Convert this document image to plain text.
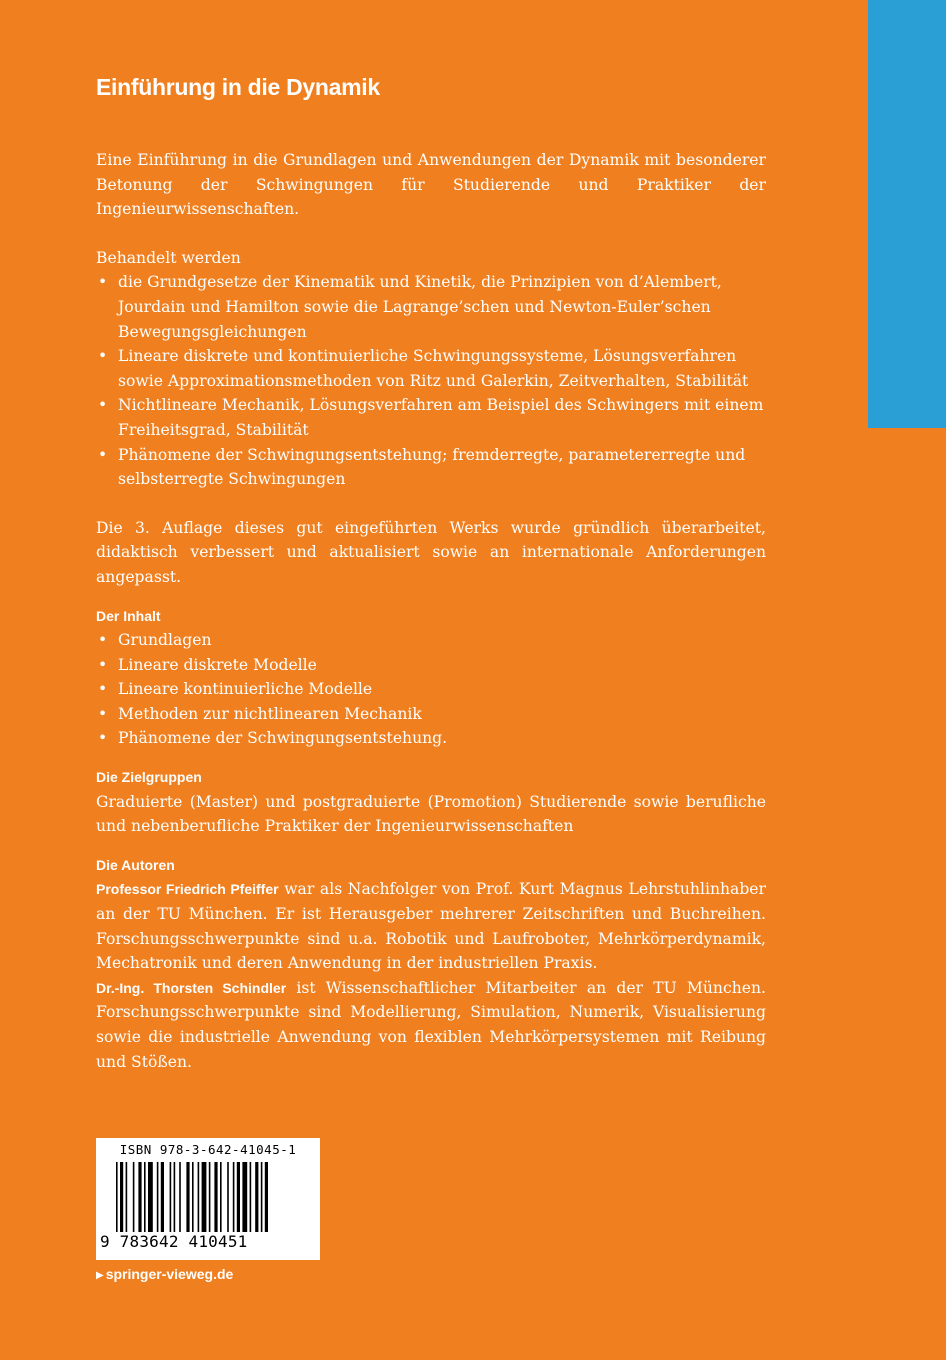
Einführung in die Dynamik

Eine Einführung in die Grundlagen und Anwendungen der Dynamik mit besonderer Betonung der Schwingungen für Studierende und Praktiker der Ingenieurwissenschaften.

Behandelt werden

• die Grundgesetze der Kinematik und Kinetik, die Prinzipien von d’Alembert, Jourdain und Hamilton sowie die Lagrange’schen und Newton-Euler’schen Bewegungsgleichungen
• Lineare diskrete und kontinuierliche Schwingungssysteme, Lösungsverfahren sowie Approximationsmethoden von Ritz und Galerkin, Zeitverhalten, Stabilität
• Nichtlineare Mechanik, Lösungsverfahren am Beispiel des Schwingers mit einem Freiheitsgrad, Stabilität
• Phänomene der Schwingungsentstehung; fremderregte, parametererregte und selbsterregte Schwingungen

Die 3. Auflage dieses gut eingeführten Werks wurde gründlich überarbeitet, didaktisch verbessert und aktualisiert sowie an internationale Anforderungen angepasst.

Der Inhalt
• Grundlagen
• Lineare diskrete Modelle
• Lineare kontinuierliche Modelle
• Methoden zur nichtlinearen Mechanik
• Phänomene der Schwingungsentstehung.
Die Zielgruppen

Graduierte (Master) und postgraduierte (Promotion) Studierende sowie berufliche und nebenberufliche Praktiker der Ingenieurwissenschaften

Die Autoren

Professor Friedrich Pfeiffer war als Nachfolger von Prof. Kurt Magnus Lehrstuhlinhaber an der TU München. Er ist Herausgeber mehrerer Zeitschriften und Buchreihen. Forschungsschwerpunkte sind u.a. Robotik und Laufroboter, Mehrkörperdynamik, Mechatronik und deren Anwendung in der industriellen Praxis.

Dr.-Ing. Thorsten Schindler ist Wissenschaftlicher Mitarbeiter an der TU München. Forschungsschwerpunkte sind Modellierung, Simulation, Numerik, Visualisierung sowie die industrielle Anwendung von flexiblen Mehrkörpersystemen mit Reibung und Stößen.

ISBN 978-3-642-41045-1
9 783642 410451
▶ springer-vieweg.de
